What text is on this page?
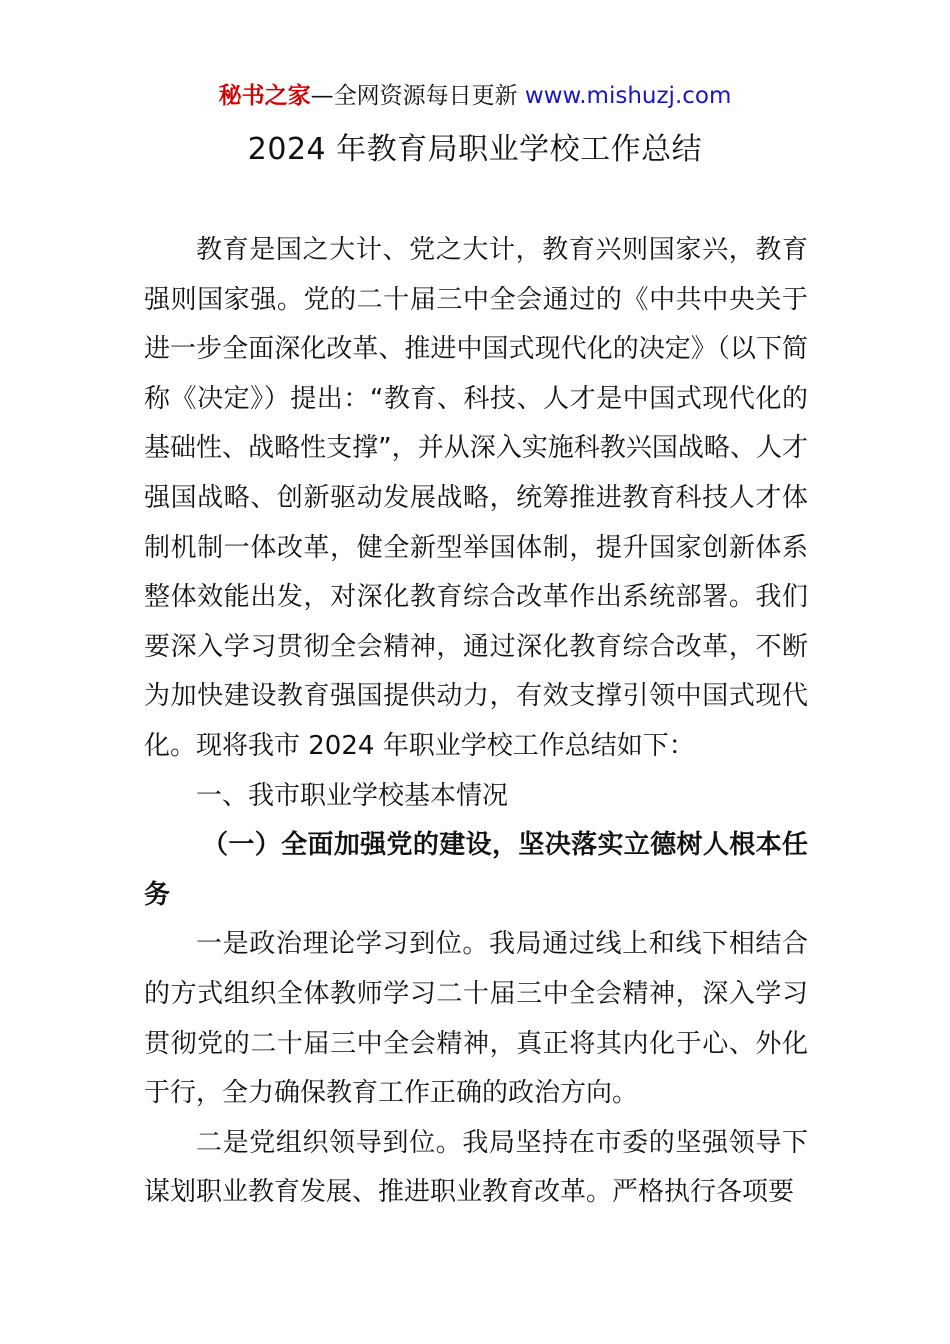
秘书之家—全网资源每日更新 www.mishuzj.com
2024 年教育局职业学校工作总结

教育是国之大计、党之大计，教育兴则国家兴，教育强则国家强。党的二十届三中全会通过的《中共中央关于进一步全面深化改革、推进中国式现代化的决定》（以下简称《决定》）提出：“教育、科技、人才是中国式现代化的基础性、战略性支撑”，并从深入实施科教兴国战略、人才强国战略、创新驱动发展战略，统筹推进教育科技人才体制机制一体改革，健全新型举国体制，提升国家创新体系整体效能出发，对深化教育综合改革作出系统部署。我们要深入学习贯彻全会精神，通过深化教育综合改革，不断为加快建设教育强国提供动力，有效支撑引领中国式现代化。现将我市 2024 年职业学校工作总结如下：

一、我市职业学校基本情况

（一）全面加强党的建设，坚决落实立德树人根本任务

一是政治理论学习到位。我局通过线上和线下相结合的方式组织全体教师学习二十届三中全会精神，深入学习贯彻党的二十届三中全会精神，真正将其内化于心、外化于行，全力确保教育工作正确的政治方向。

二是党组织领导到位。我局坚持在市委的坚强领导下谋划职业教育发展、推进职业教育改革。严格执行各项要
